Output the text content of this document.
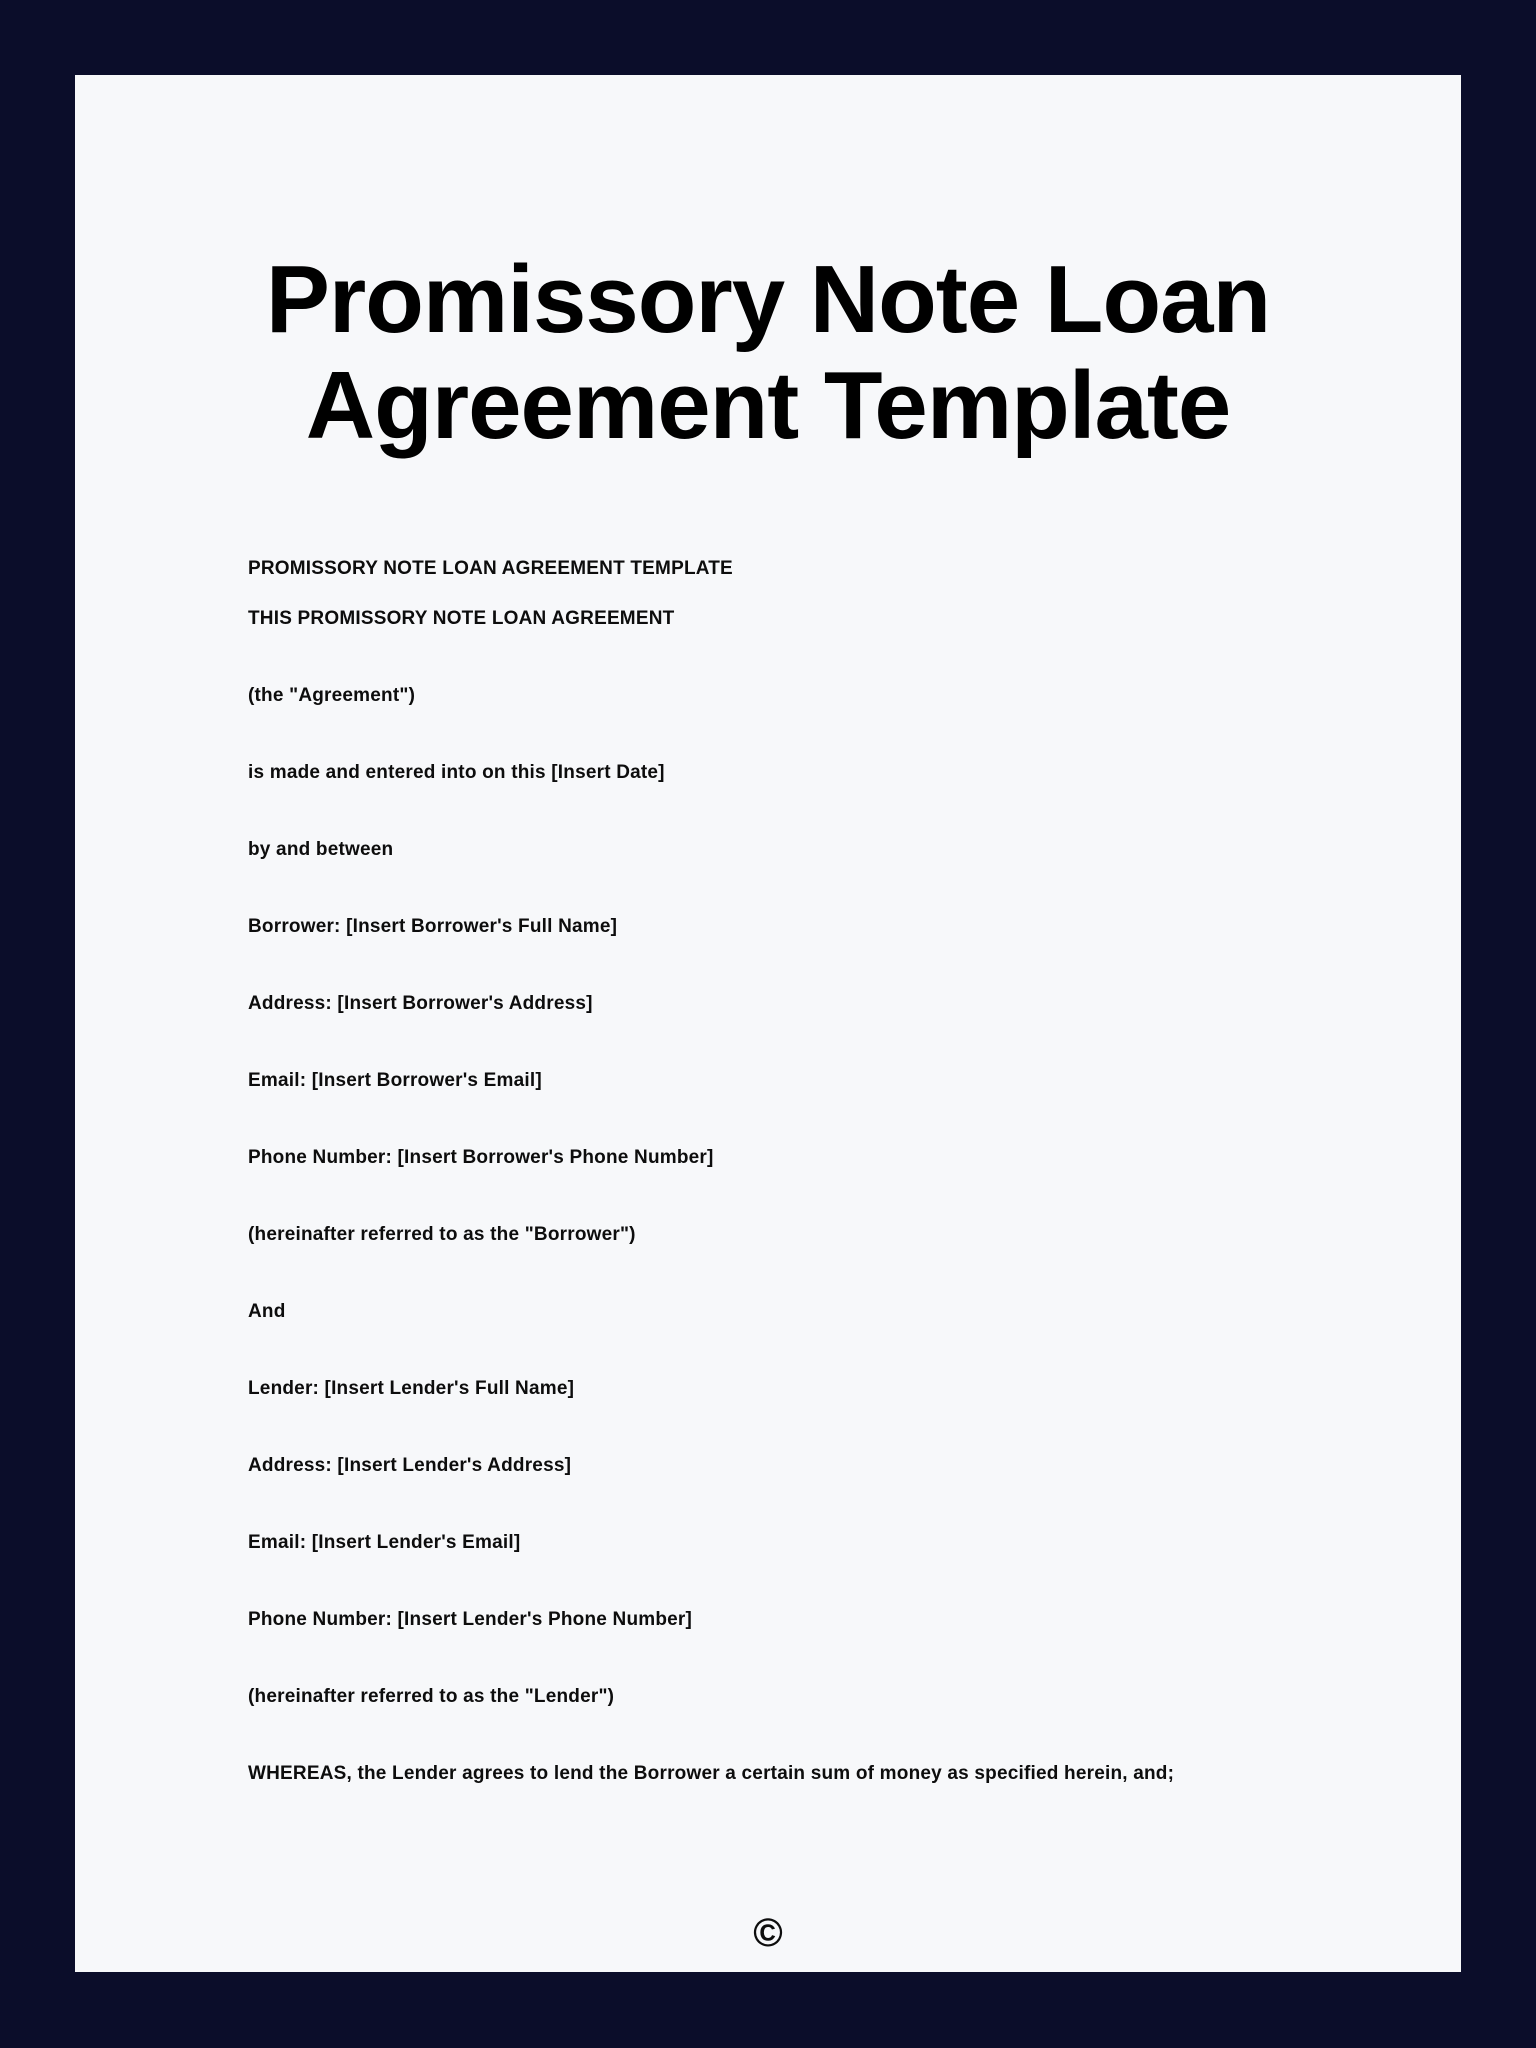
Promissory Note Loan Agreement Template

PROMISSORY NOTE LOAN AGREEMENT TEMPLATE

THIS PROMISSORY NOTE LOAN AGREEMENT

(the "Agreement")

is made and entered into on this [Insert Date]

by and between

Borrower: [Insert Borrower's Full Name]

Address: [Insert Borrower's Address]

Email: [Insert Borrower's Email]

Phone Number: [Insert Borrower's Phone Number]

(hereinafter referred to as the "Borrower")

And

Lender: [Insert Lender's Full Name]

Address: [Insert Lender's Address]

Email: [Insert Lender's Email]

Phone Number: [Insert Lender's Phone Number]

(hereinafter referred to as the "Lender")

WHEREAS, the Lender agrees to lend the Borrower a certain sum of money as specified herein, and;

©
